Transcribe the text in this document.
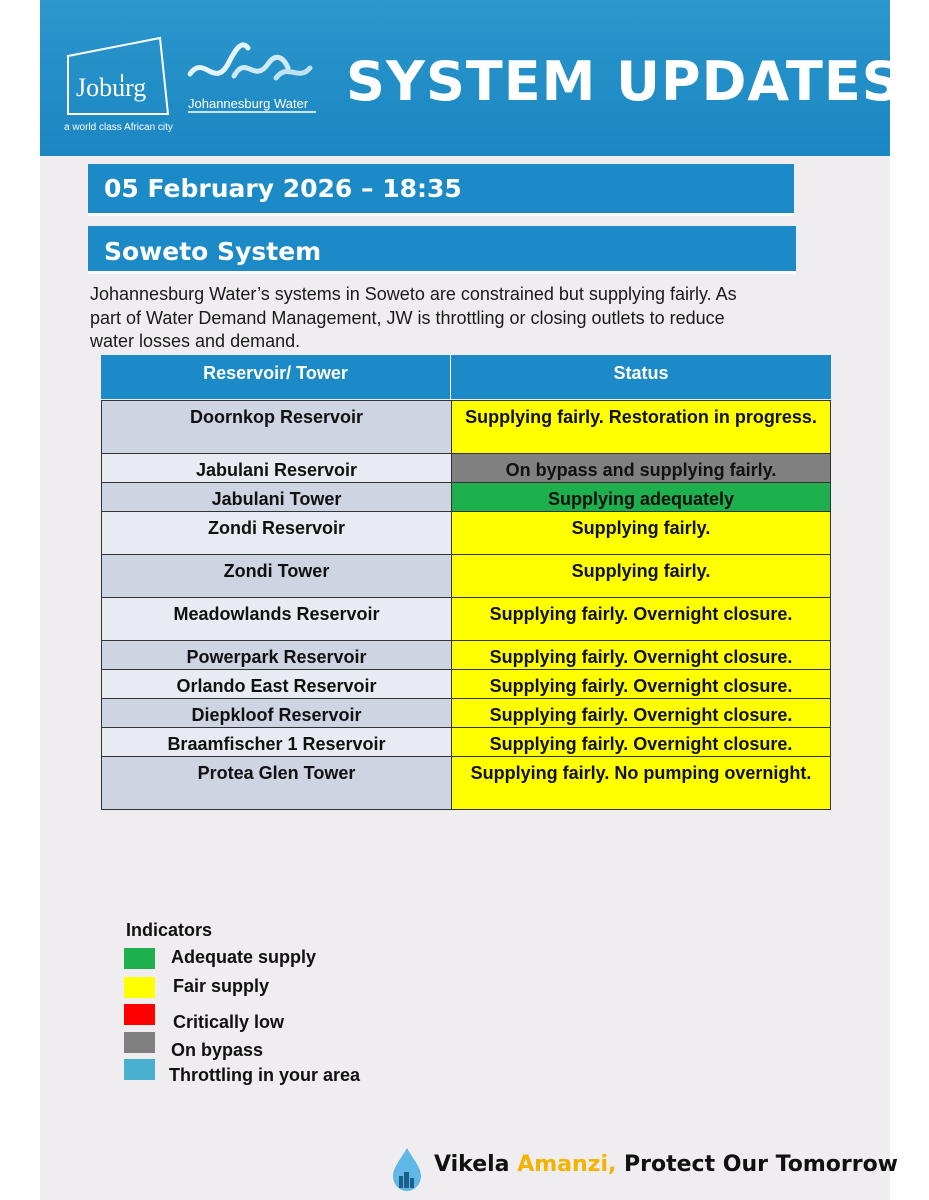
Joburg
a world class African city
Johannesburg Water SYSTEM UPDATES
05 February 2026 – 18:35
Soweto System
Johannesburg Water’s systems in Soweto are constrained but supplying fairly. As part of Water Demand Management, JW is throttling or closing outlets to reduce water losses and demand.
Reservoir/ Tower	Status
Doornkop Reservoir	Supplying fairly. Restoration in progress.
Jabulani Reservoir	On bypass and supplying fairly.
Jabulani Tower	Supplying adequately
Zondi Reservoir	Supplying fairly.
Zondi Tower	Supplying fairly.
Meadowlands Reservoir	Supplying fairly. Overnight closure.
Powerpark Reservoir	Supplying fairly. Overnight closure.
Orlando East Reservoir	Supplying fairly. Overnight closure.
Diepkloof Reservoir	Supplying fairly. Overnight closure.
Braamfischer 1 Reservoir	Supplying fairly. Overnight closure.
Protea Glen Tower	Supplying fairly. No pumping overnight.
Indicators
Adequate supply
Fair supply
Critically low
On bypass
Throttling in your area
Vikela Amanzi, Protect Our Tomorrow
